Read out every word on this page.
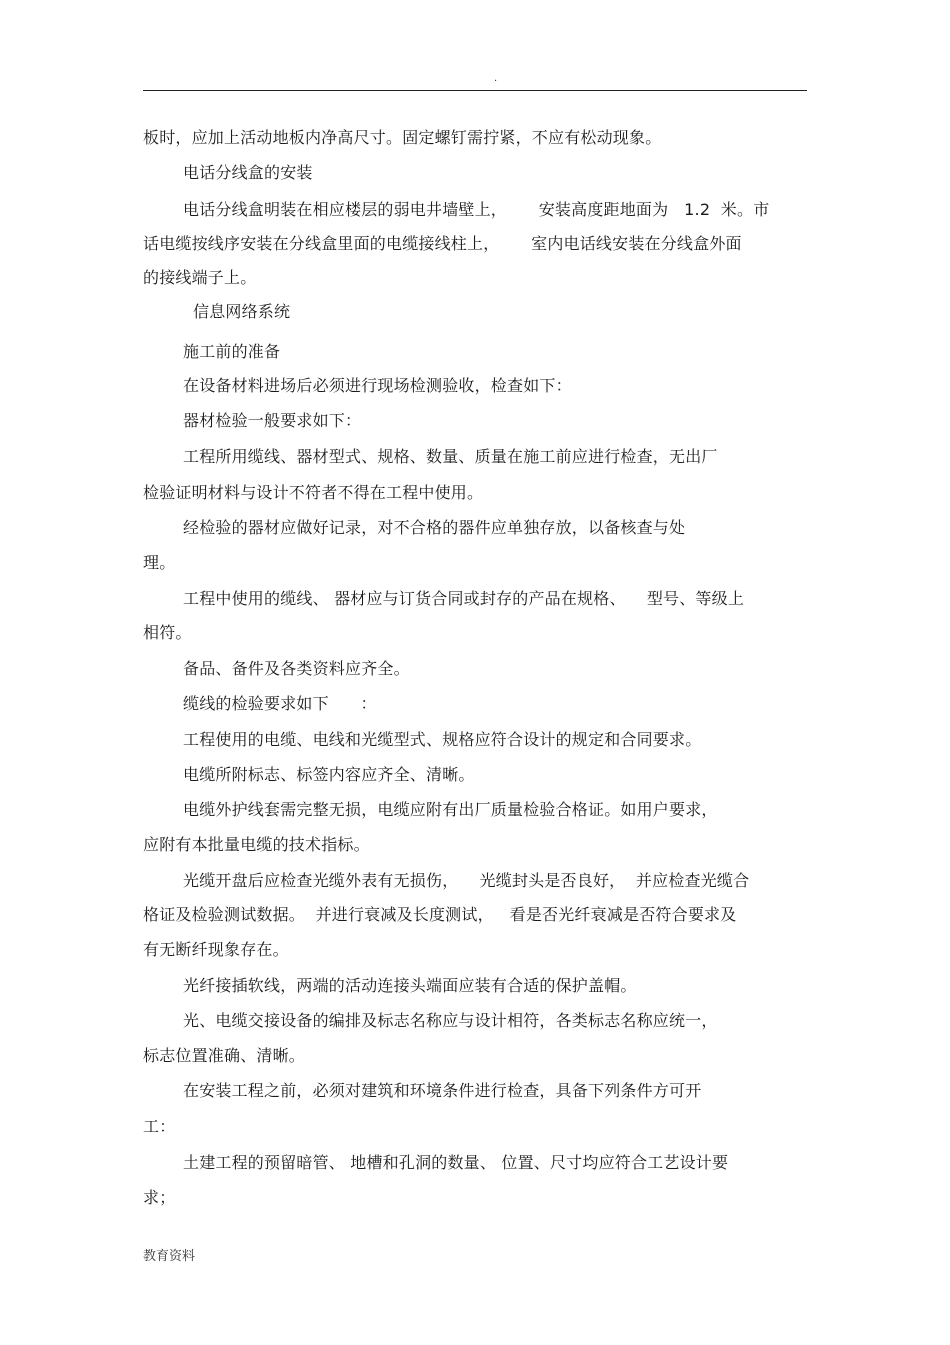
.
板时，应加上活动地板内净高尺寸。固定螺钉需拧紧，不应有松动现象。
电话分线盒的安装
电话分线盒明装在相应楼层的弱电井墙壁上，      安装高度距地面为   1.2  米。市
话电缆按线序安装在分线盒里面的电缆接线柱上，      室内电话线安装在分线盒外面
的接线端子上。
信息网络系统
施工前的准备
在设备材料进场后必须进行现场检测验收，检查如下：
器材检验一般要求如下：
工程所用缆线、器材型式、规格、数量、质量在施工前应进行检查，无出厂
检验证明材料与设计不符者不得在工程中使用。
经检验的器材应做好记录，对不合格的器件应单独存放，以备核查与处
理。
工程中使用的缆线、 器材应与订货合同或封存的产品在规格、    型号、等级上
相符。
备品、备件及各类资料应齐全。
缆线的检验要求如下      ：
工程使用的电缆、电线和光缆型式、规格应符合设计的规定和合同要求。
电缆所附标志、标签内容应齐全、清晰。
电缆外护线套需完整无损，电缆应附有出厂质量检验合格证。如用户要求，
应附有本批量电缆的技术指标。
光缆开盘后应检查光缆外表有无损伤，    光缆封头是否良好，  并应检查光缆合
格证及检验测试数据。  并进行衰减及长度测试，   看是否光纤衰减是否符合要求及
有无断纤现象存在。
光纤接插软线，两端的活动连接头端面应装有合适的保护盖帽。
光、电缆交接设备的编排及标志名称应与设计相符，各类标志名称应统一，
标志位置准确、清晰。
在安装工程之前，必须对建筑和环境条件进行检查，具备下列条件方可开
工：
土建工程的预留暗管、 地槽和孔洞的数量、 位置、尺寸均应符合工艺设计要
求；
教育资料
